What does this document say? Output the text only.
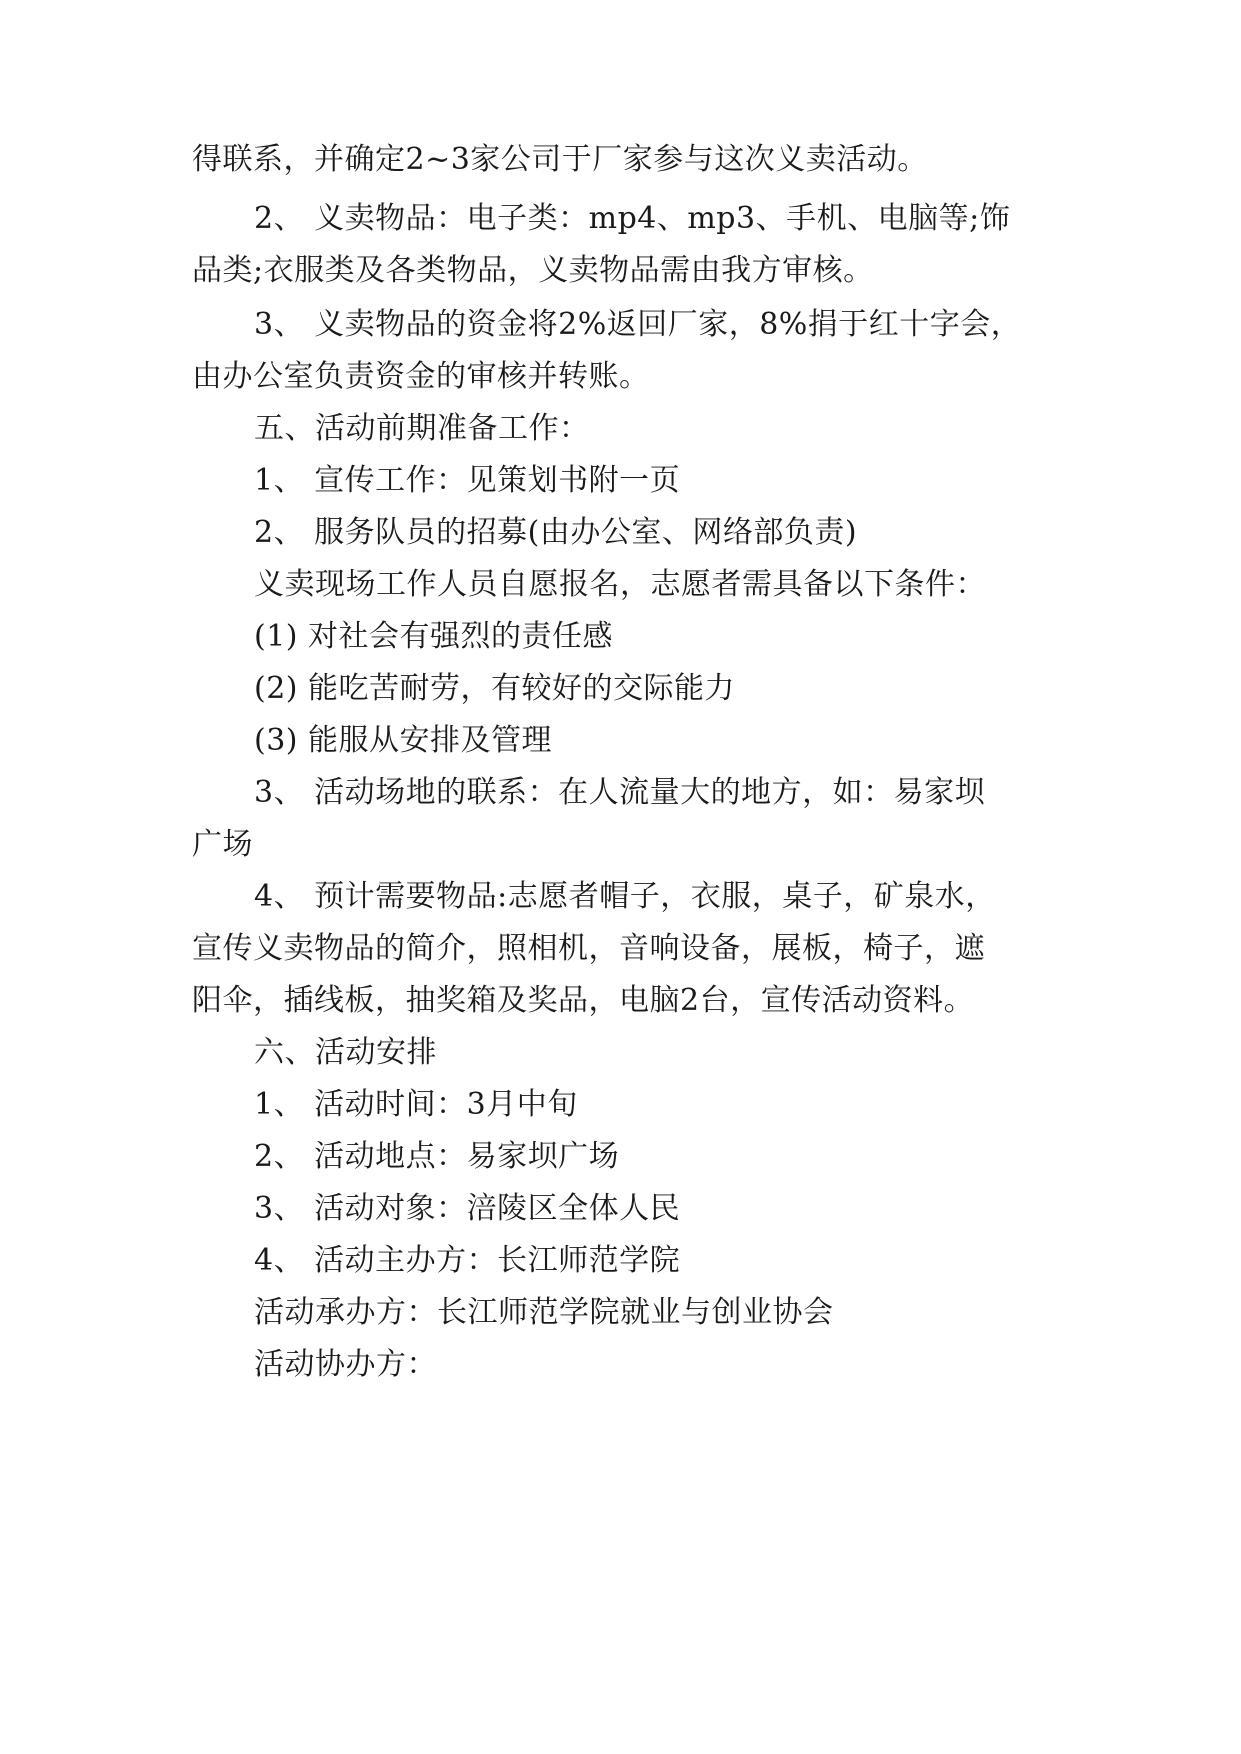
得联系，并确定2~3家公司于厂家参与这次义卖活动。
2、 义卖物品：电子类：mp4、mp3、手机、电脑等;饰
品类;衣服类及各类物品，义卖物品需由我方审核。
3、 义卖物品的资金将2%返回厂家，8%捐于红十字会，
由办公室负责资金的审核并转账。
五、活动前期准备工作：
1、 宣传工作：见策划书附一页
2、 服务队员的招募(由办公室、网络部负责)
义卖现场工作人员自愿报名，志愿者需具备以下条件：
(1) 对社会有强烈的责任感
(2) 能吃苦耐劳，有较好的交际能力
(3) 能服从安排及管理
3、 活动场地的联系：在人流量大的地方，如：易家坝
广场
4、 预计需要物品:志愿者帽子，衣服，桌子，矿泉水，
宣传义卖物品的简介，照相机，音响设备，展板，椅子，遮
阳伞，插线板，抽奖箱及奖品，电脑2台，宣传活动资料。
六、活动安排
1、 活动时间：3月中旬
2、 活动地点：易家坝广场
3、 活动对象：涪陵区全体人民
4、 活动主办方：长江师范学院
活动承办方：长江师范学院就业与创业协会
活动协办方：
